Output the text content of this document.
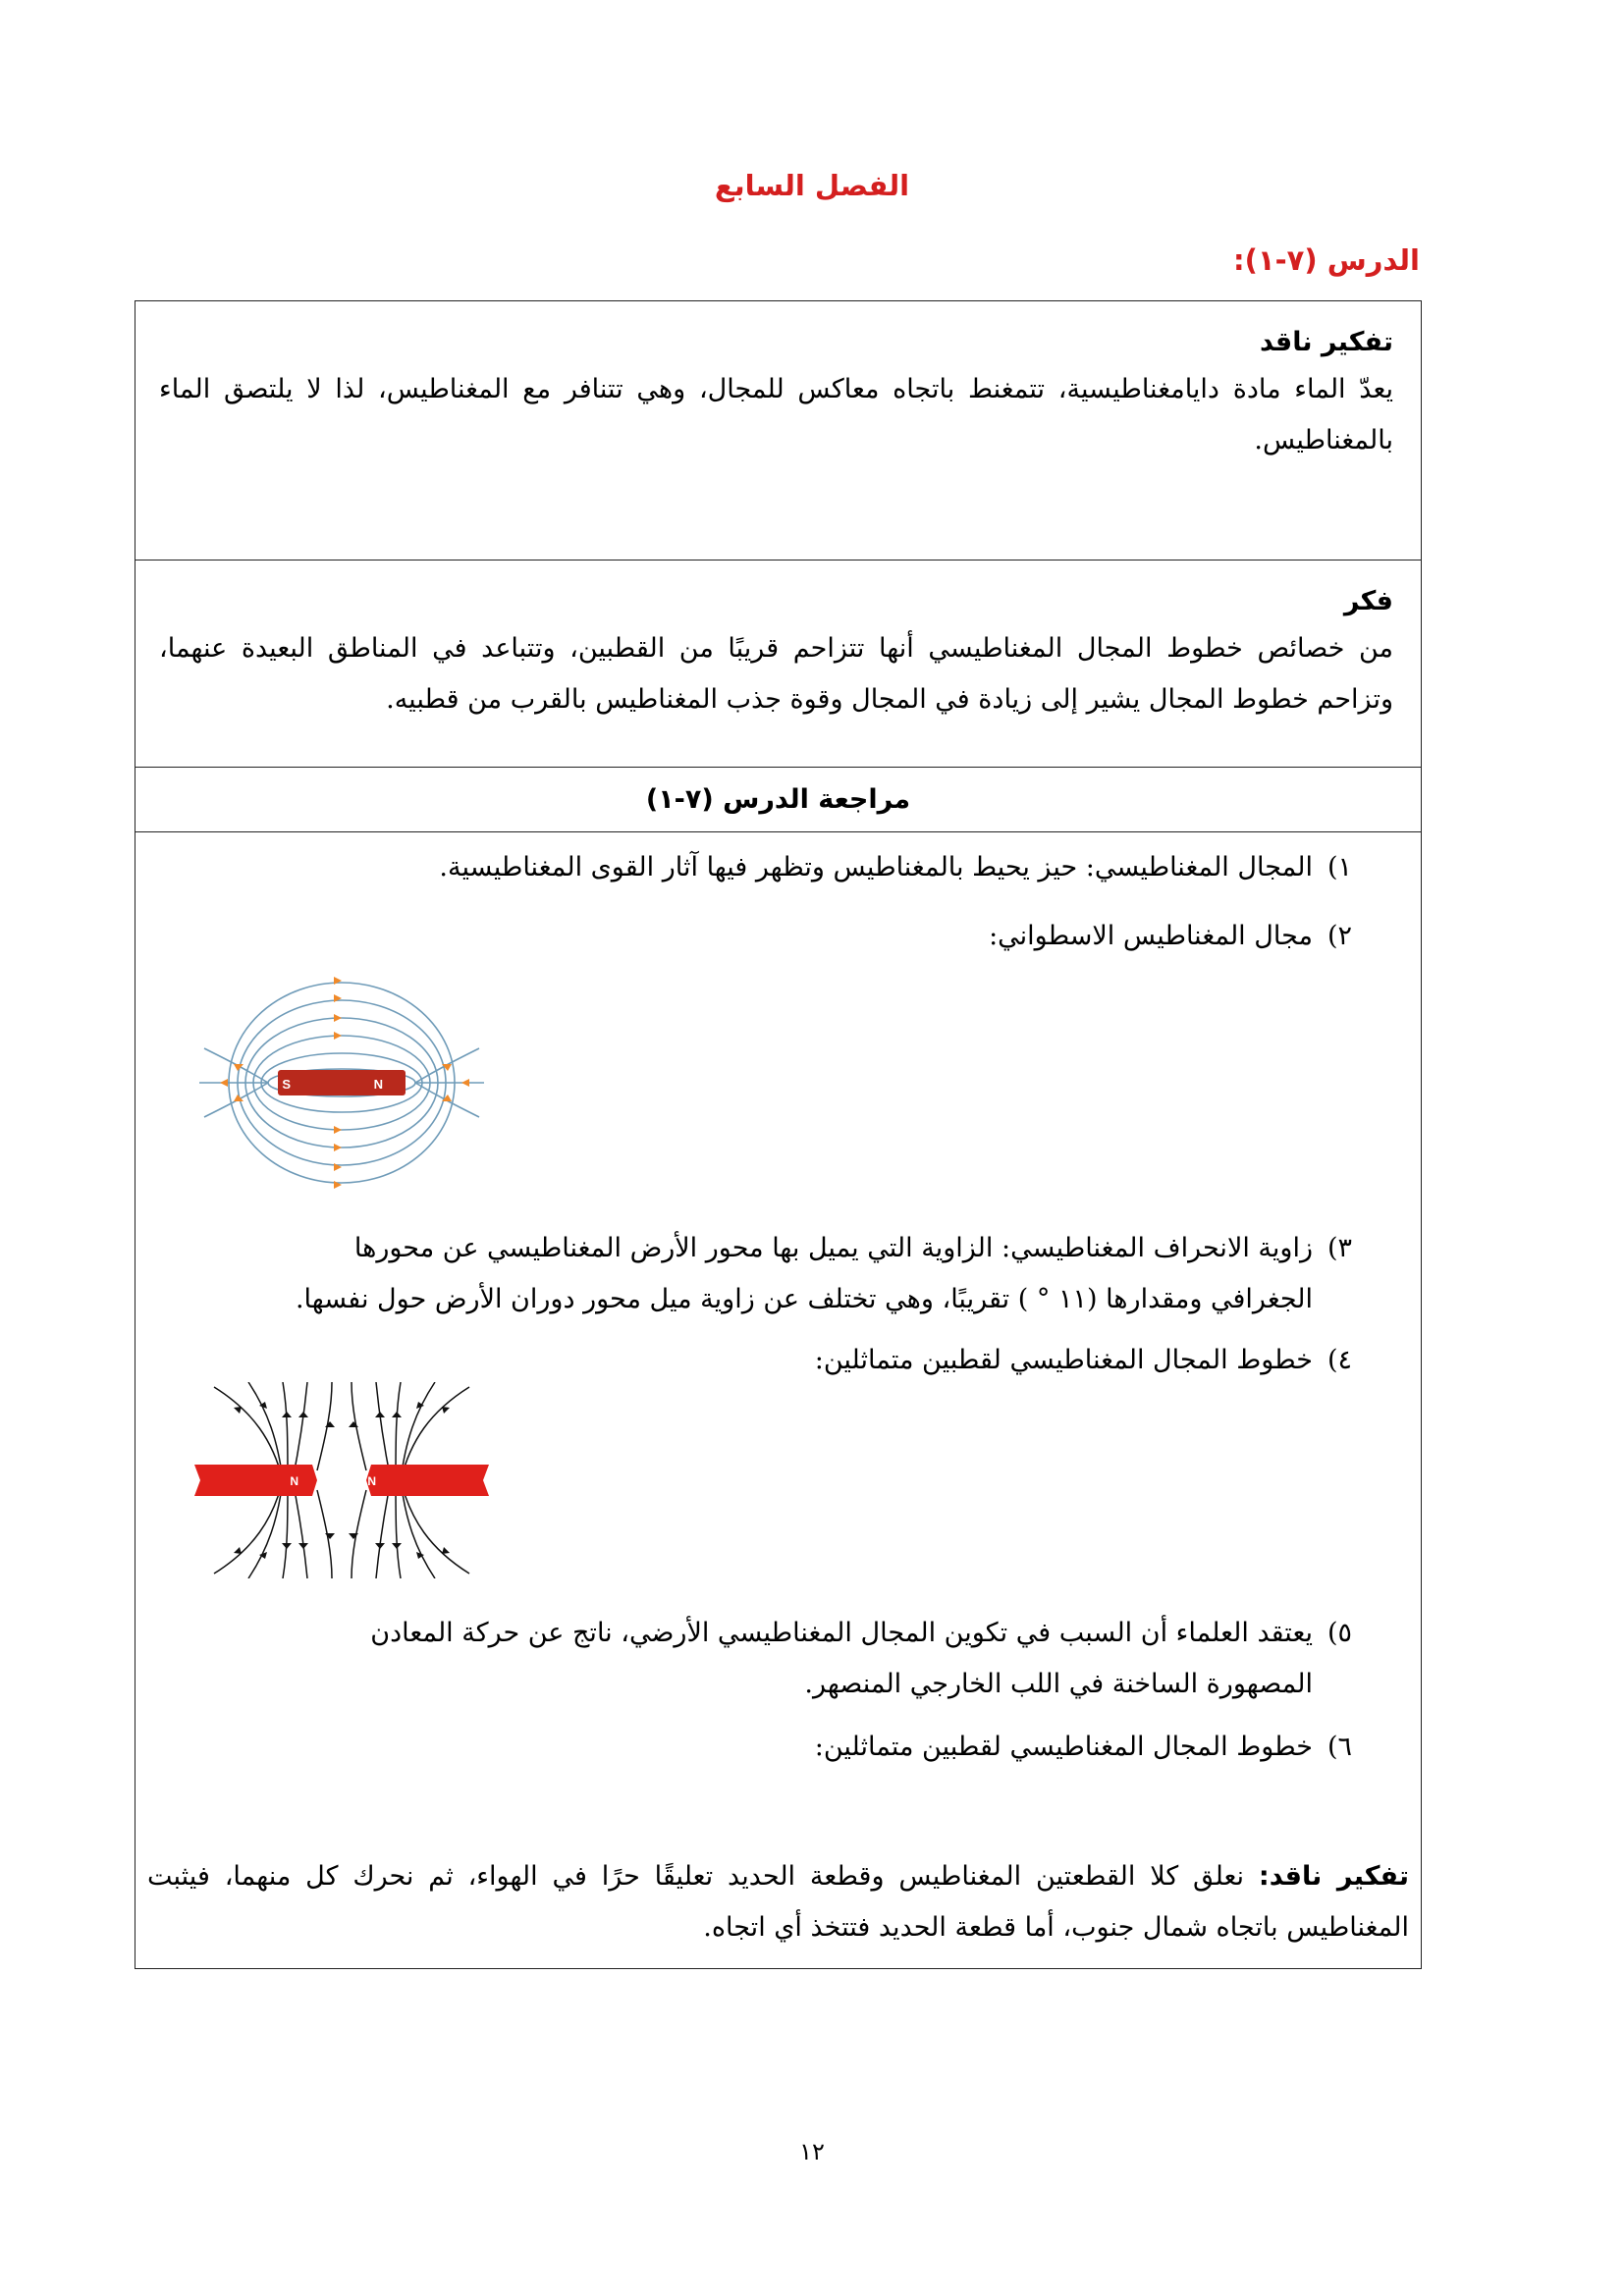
الفصل السابع
الدرس (٧-١):
تفكير ناقد
يعدّ الماء مادة دايامغناطيسية، تتمغنط باتجاه معاكس للمجال، وهي تتنافر مع المغناطيس، لذا لا يلتصق الماء بالمغناطيس.
فكر
من خصائص خطوط المجال المغناطيسي أنها تتزاحم قريبًا من القطبين، وتتباعد في المناطق البعيدة عنهما، وتزاحم خطوط المجال يشير إلى زيادة في المجال وقوة جذب المغناطيس بالقرب من قطبيه.
مراجعة الدرس (٧-١)
١)
المجال المغناطيسي: حيز يحيط بالمغناطيس وتظهر فيها آثار القوى المغناطيسية.
٢)
مجال المغناطيس الاسطواني:
S	N
٣)
زاوية الانحراف المغناطيسي: الزاوية التي يميل بها محور الأرض المغناطيسي عن محورها الجغرافي ومقدارها (١١ ° ) تقريبًا، وهي تختلف عن زاوية ميل محور دوران الأرض حول نفسها.
٤)
خطوط المجال المغناطيسي لقطبين متماثلين:
N	N
٥)
يعتقد العلماء أن السبب في تكوين المجال المغناطيسي الأرضي، ناتج عن حركة المعادن المصهورة الساخنة في اللب الخارجي المنصهر.
٦)
خطوط المجال المغناطيسي لقطبين متماثلين:
تفكير ناقد: نعلق كلا القطعتين المغناطيس وقطعة الحديد تعليقًا حرًا في الهواء، ثم نحرك كل منهما، فيثبت المغناطيس باتجاه شمال جنوب، أما قطعة الحديد فتتخذ أي اتجاه.
١٢
